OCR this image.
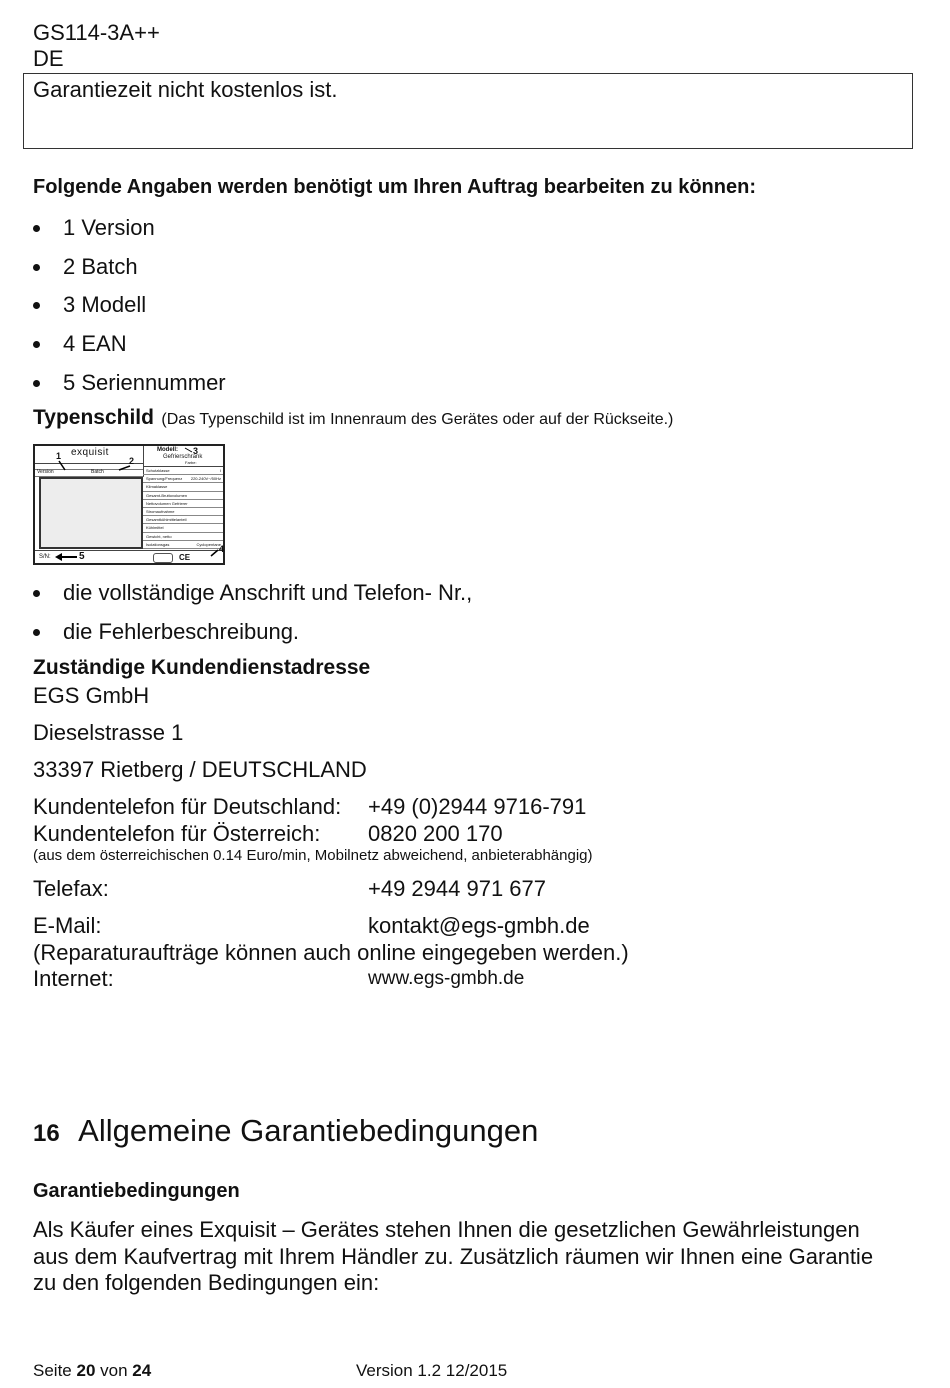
GS114-3A++
DE
Garantiezeit nicht kostenlos ist.
Folgende Angaben werden benötigt um Ihren Auftrag bearbeiten zu können:
1 Version
2 Batch
3 Modell
4 EAN
5 Seriennummer
Typenschild (Das Typenschild ist im Innenraum des Gerätes oder auf der Rückseite.)
exquisit
Version	Batch
Modell:
Gefrierschrank
Farbe:
Schutzklasse	I
Spannung/Frequenz 220-240V~/50Hz
Klimaklasse
Gesamt-Bruttovolumen
Nettovolumen Gefrierer
Stromaufnahme
Gesamtkühlmittelanteil
Kühlmittel
Gewicht, netto
Isolationsgas	Cyclopentane
S/N:	CE
1	2
3
4
5
die vollständige Anschrift und Telefon- Nr.,
die Fehlerbeschreibung.
Zuständige Kundendienstadresse
EGS GmbH
Dieselstrasse 1
33397 Rietberg / DEUTSCHLAND
Kundentelefon für Deutschland: +49 (0)2944 9716-791
Kundentelefon für Österreich: 0820 200 170
(aus dem österreichischen 0.14 Euro/min, Mobilnetz abweichend, anbieterabhängig)
Telefax:	+49 2944 971 677
E-Mail:	kontakt@egs-gmbh.de
(Reparaturaufträge können auch online eingegeben werden.)
Internet:	www.egs-gmbh.de
16 Allgemeine Garantiebedingungen
Garantiebedingungen
Als Käufer eines Exquisit – Gerätes stehen Ihnen die gesetzlichen Gewährleistungen
aus dem Kaufvertrag mit Ihrem Händler zu. Zusätzlich räumen wir Ihnen eine Garantie
zu den folgenden Bedingungen ein:
Seite 20 von 24	Version 1.2 12/2015
